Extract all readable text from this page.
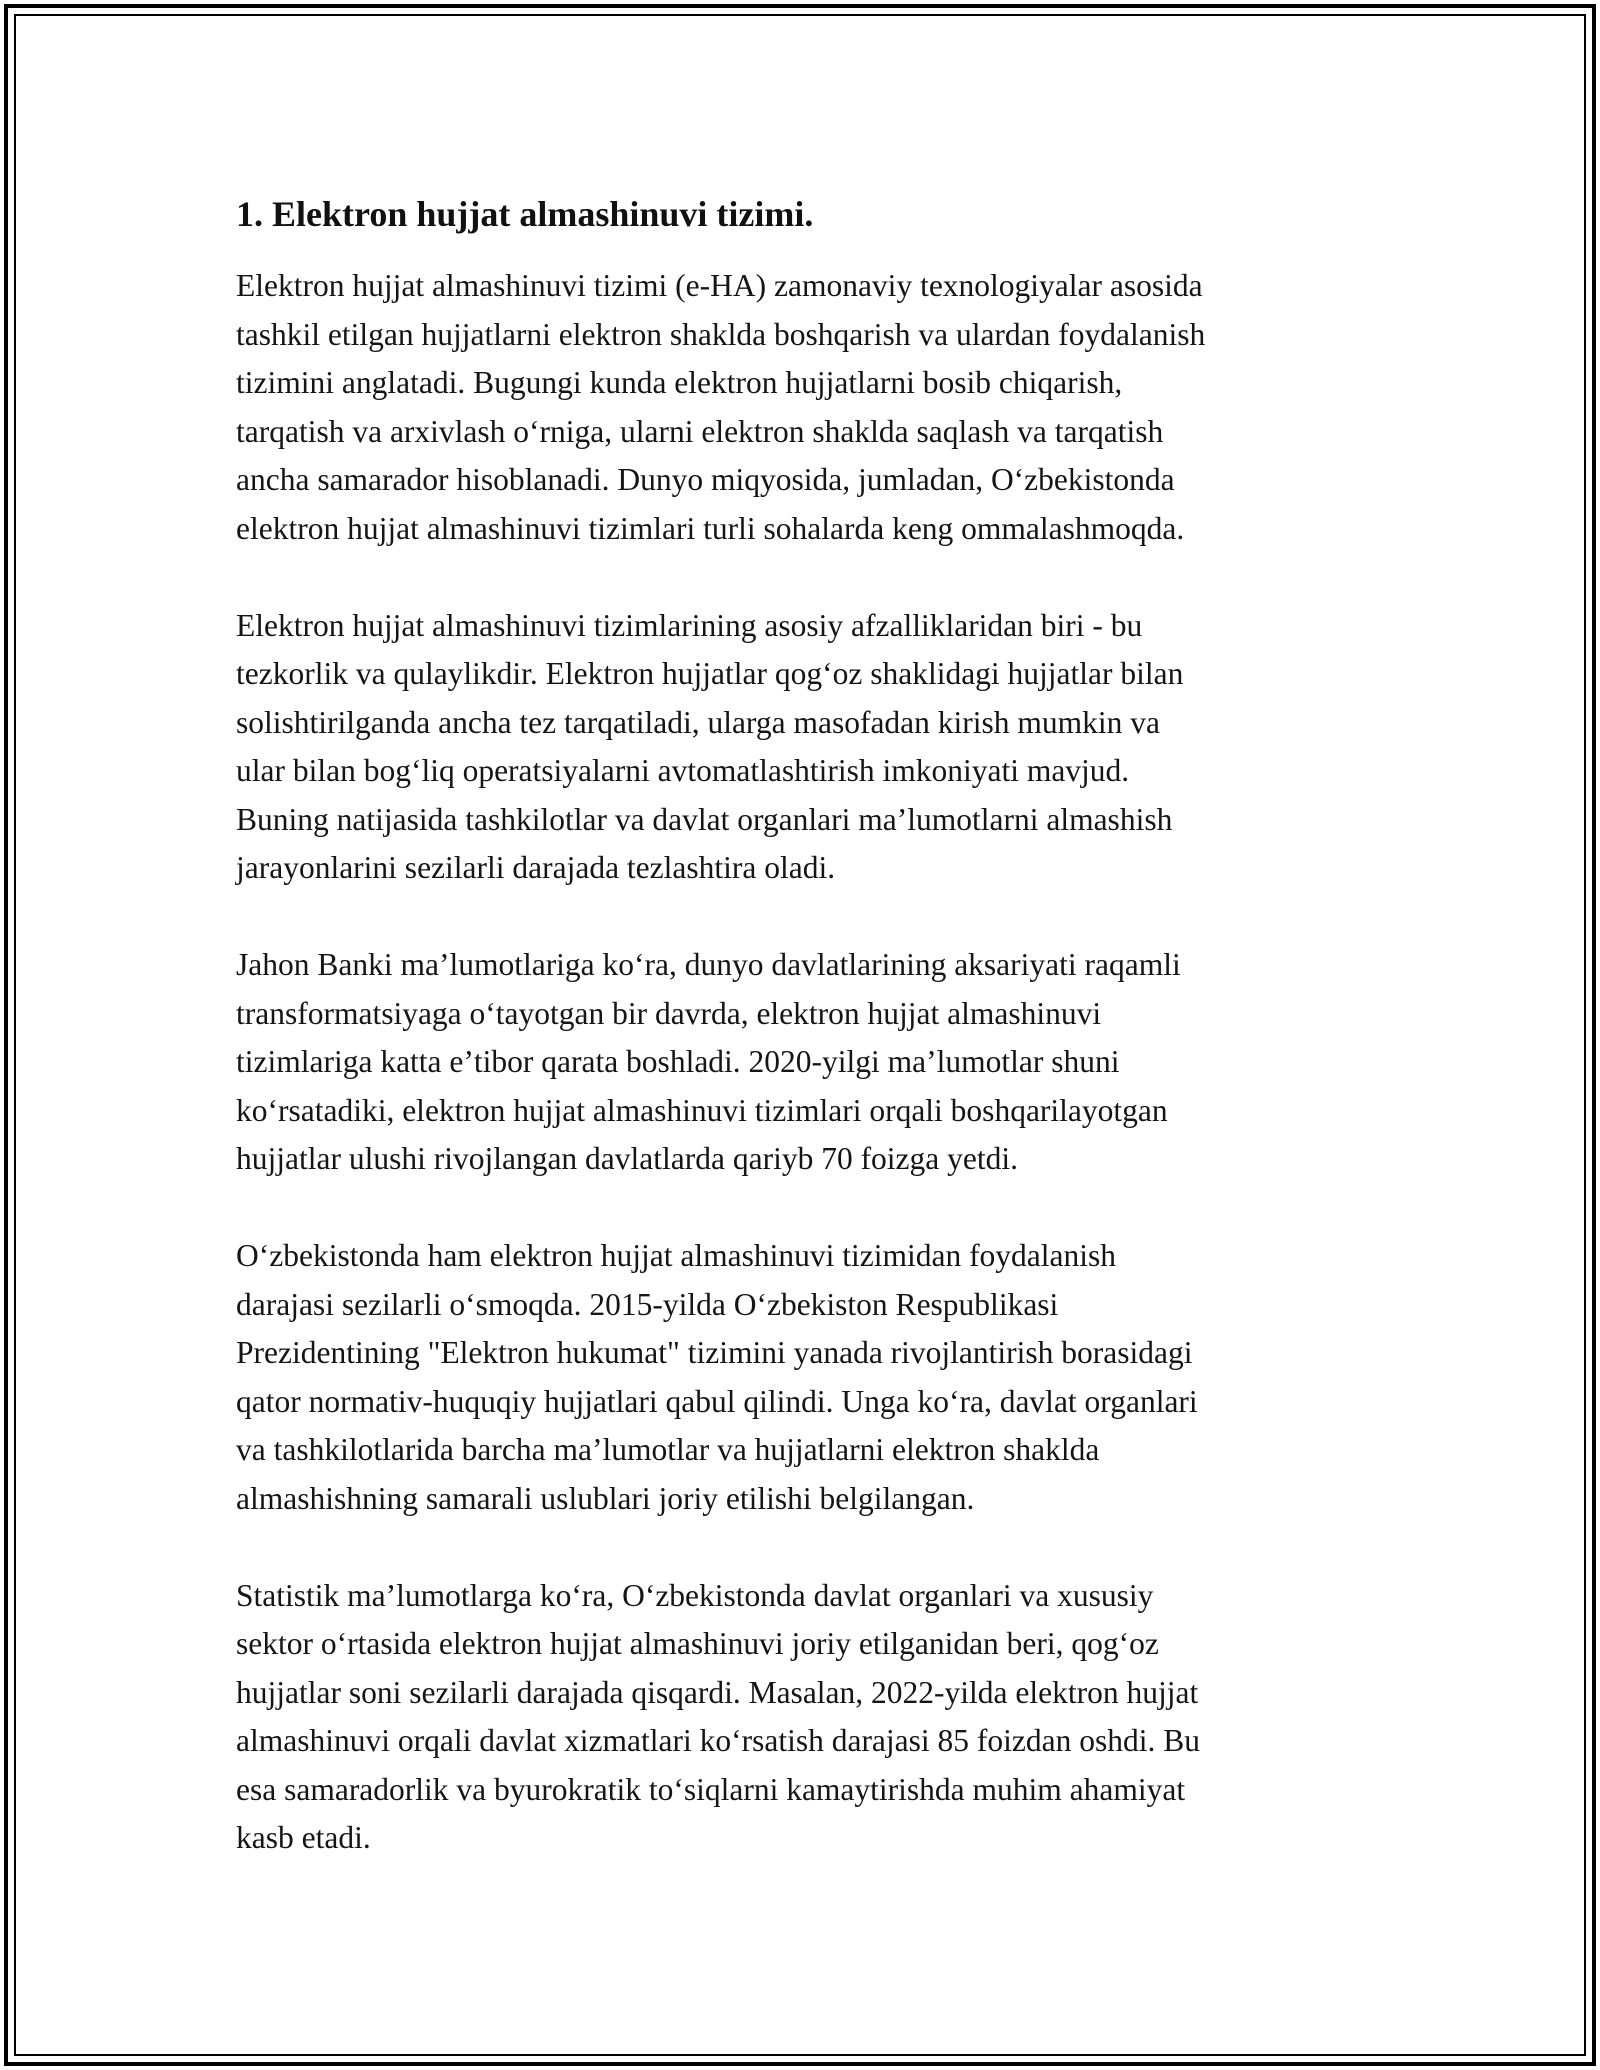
1. Elektron hujjat almashinuvi tizimi.

Elektron hujjat almashinuvi tizimi (e-HA) zamonaviy texnologiyalar asosida
tashkil etilgan hujjatlarni elektron shaklda boshqarish va ulardan foydalanish
tizimini anglatadi. Bugungi kunda elektron hujjatlarni bosib chiqarish,
tarqatish va arxivlash oʻrniga, ularni elektron shaklda saqlash va tarqatish
ancha samarador hisoblanadi. Dunyo miqyosida, jumladan, Oʻzbekistonda
elektron hujjat almashinuvi tizimlari turli sohalarda keng ommalashmoqda.

Elektron hujjat almashinuvi tizimlarining asosiy afzalliklaridan biri - bu
tezkorlik va qulaylikdir. Elektron hujjatlar qogʻoz shaklidagi hujjatlar bilan
solishtirilganda ancha tez tarqatiladi, ularga masofadan kirish mumkin va
ular bilan bogʻliq operatsiyalarni avtomatlashtirish imkoniyati mavjud.
Buning natijasida tashkilotlar va davlat organlari maʼlumotlarni almashish
jarayonlarini sezilarli darajada tezlashtira oladi.

Jahon Banki maʼlumotlariga koʻra, dunyo davlatlarining aksariyati raqamli
transformatsiyaga oʻtayotgan bir davrda, elektron hujjat almashinuvi
tizimlariga katta eʼtibor qarata boshladi. 2020-yilgi maʼlumotlar shuni
koʻrsatadiki, elektron hujjat almashinuvi tizimlari orqali boshqarilayotgan
hujjatlar ulushi rivojlangan davlatlarda qariyb 70 foizga yetdi.

Oʻzbekistonda ham elektron hujjat almashinuvi tizimidan foydalanish
darajasi sezilarli oʻsmoqda. 2015-yilda Oʻzbekiston Respublikasi
Prezidentining "Elektron hukumat" tizimini yanada rivojlantirish borasidagi
qator normativ-huquqiy hujjatlari qabul qilindi. Unga koʻra, davlat organlari
va tashkilotlarida barcha maʼlumotlar va hujjatlarni elektron shaklda
almashishning samarali uslublari joriy etilishi belgilangan.

Statistik maʼlumotlarga koʻra, Oʻzbekistonda davlat organlari va xususiy
sektor oʻrtasida elektron hujjat almashinuvi joriy etilganidan beri, qogʻoz
hujjatlar soni sezilarli darajada qisqardi. Masalan, 2022-yilda elektron hujjat
almashinuvi orqali davlat xizmatlari koʻrsatish darajasi 85 foizdan oshdi. Bu
esa samaradorlik va byurokratik toʻsiqlarni kamaytirishda muhim ahamiyat
kasb etadi.
